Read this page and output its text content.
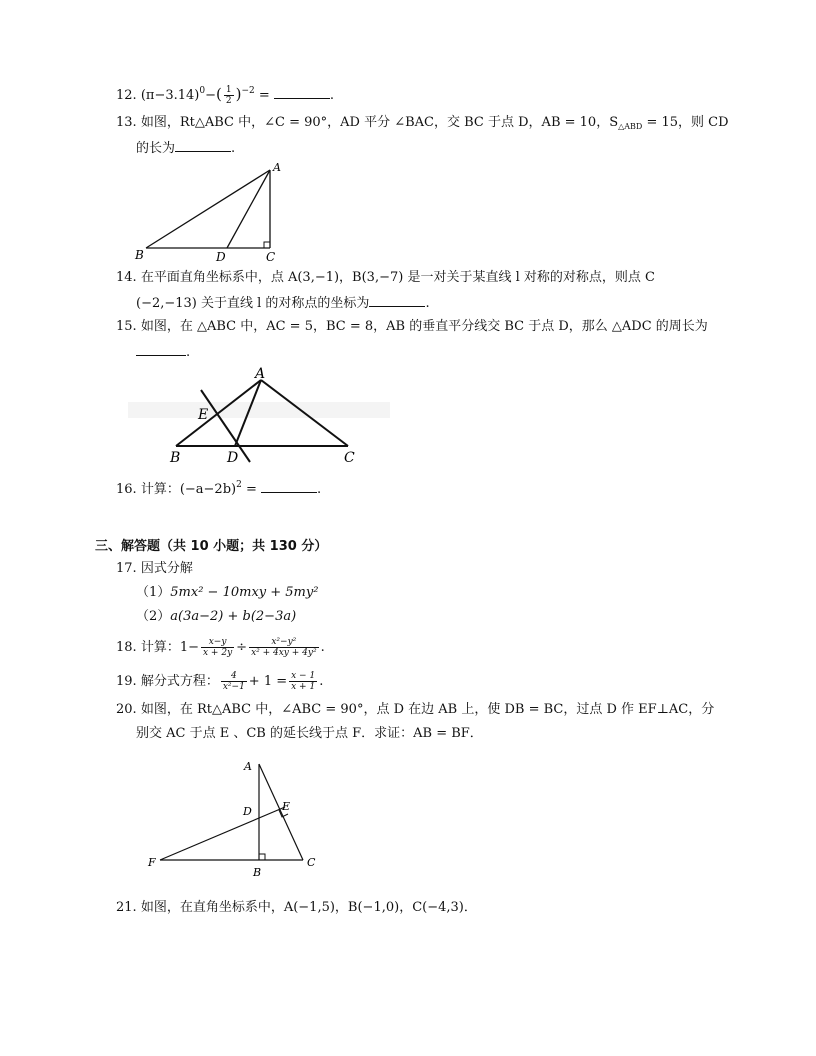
12. $(\pi-3.14)^0-( \frac{1}{2} )^{-2}$ =	.
13. 如图，Rt△ABC 中，∠C = 90°，AD 平分 ∠BAC，交 BC 于点 D，AB = 10，$S_{\triangle ABD} = 15$，则 CD
的长为	.
A
B	D	C
14. 在平面直角坐标系中，点 A(3,−1)，B(3,−7) 是一对关于某直线 l 对称的对称点，则点 C
(−2,−13) 关于直线 l 的对称点的坐标为	.
15. 如图，在 △ABC 中，AC = 5，BC = 8，AB 的垂直平分线交 BC 于点 D，那么 △ADC 的周长为
.
A
E
B	D	C
16. 计算：$(-a-2b)^2$ =	.
三、解答题（共 10 小题；共 130 分）
17. 因式分解
（1）5mx² − 10mxy + 5my²
（2）a(3a−2) + b(2−3a)
18. 计算：$1- \frac{x-y}{x + 2y} \div \frac{\text{x²−y²}}{\text{x² + 4xy + 4y²}}$ .
19. 解分式方程： $\frac{4}{\text{x²−1}} + 1 = \frac{x - 1}{x + 1}$ .
20. 如图，在 Rt△ABC 中，∠ABC = 90°，点 D 在边 AB 上，使 DB = BC，过点 D 作 EF⊥AC，分
别交 AC 于点 E 、CB 的延长线于点 F．求证：AB = BF．
A
D	E
F
B
C
21. 如图，在直角坐标系中，A(−1,5)，B(−1,0)，C(−4,3)．
